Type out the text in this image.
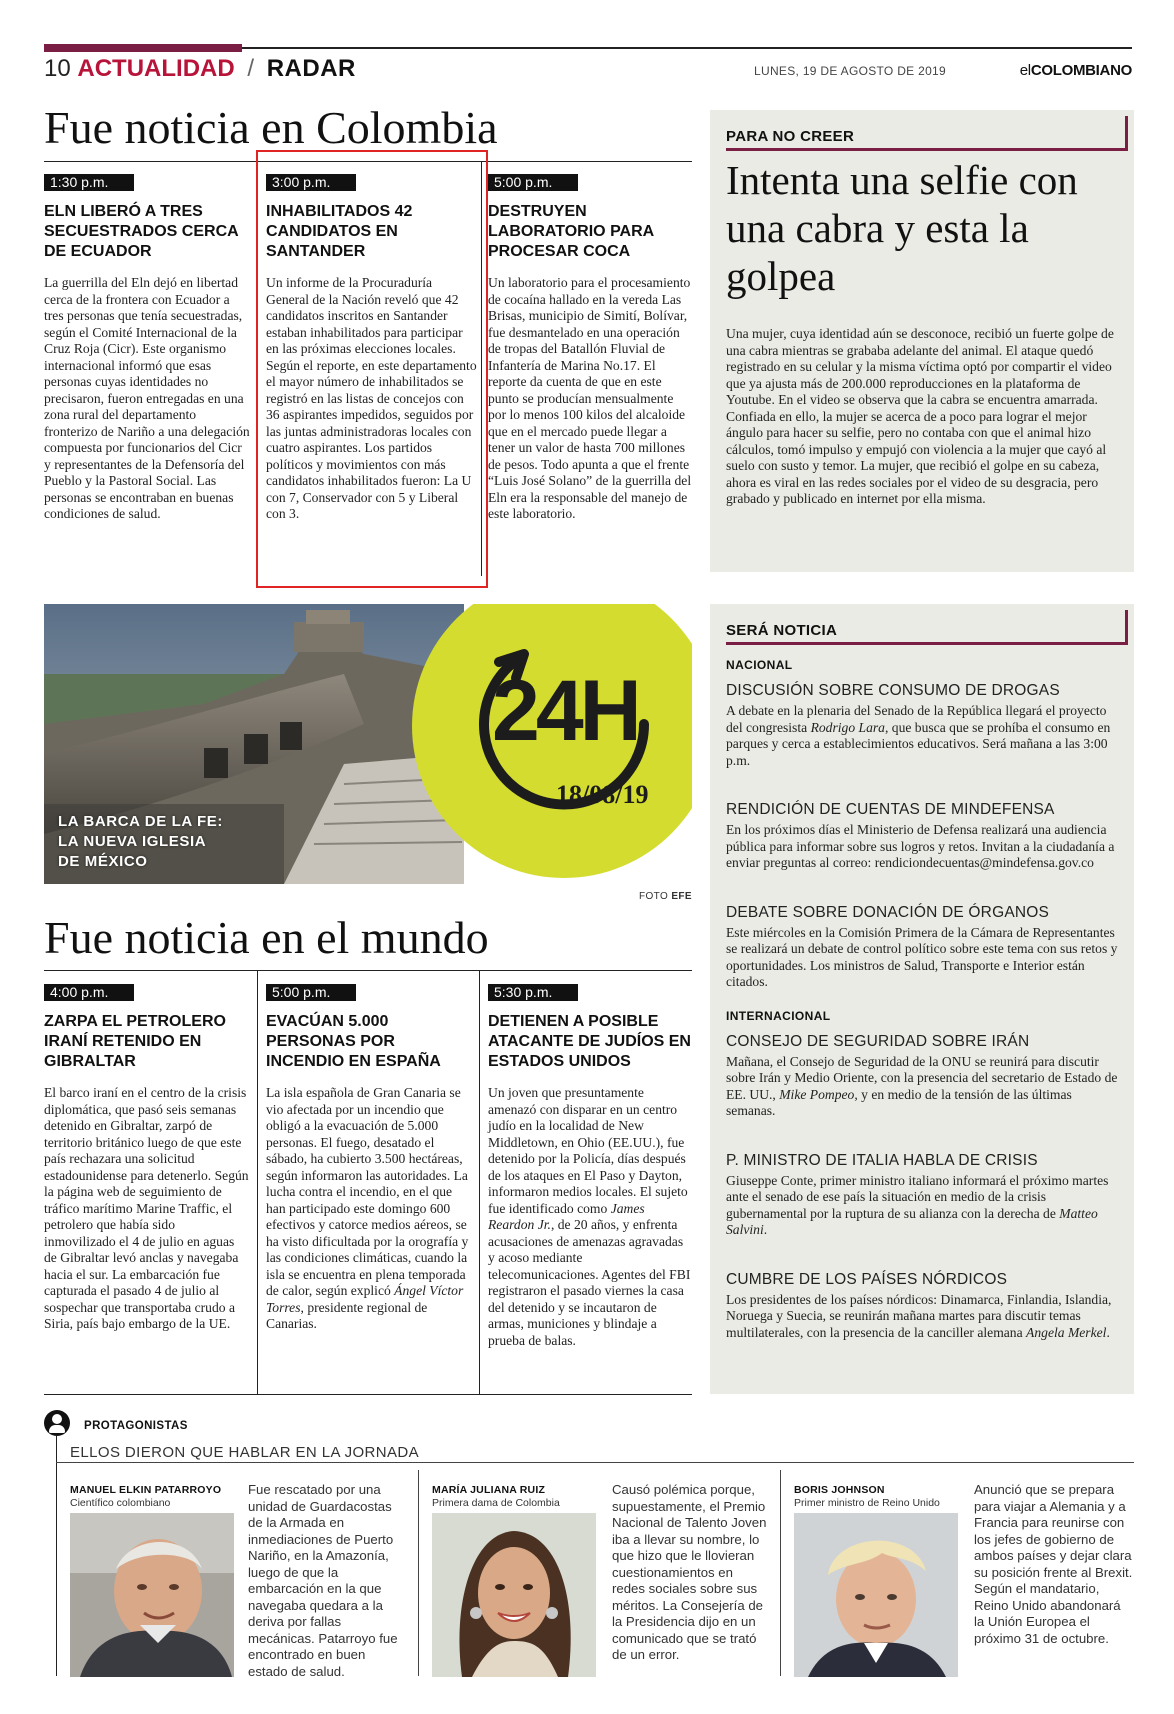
10 ACTUALIDAD / RADAR	LUNES, 19 DE AGOSTO DE 2019	elCOLOMBIANO
Fue noticia en Colombia
1:30 p.m.
ELN LIBERÓ A TRES SECUESTRADOS CERCA DE ECUADOR
La guerrilla del Eln dejó en libertad cerca de la frontera con Ecuador a tres personas que tenía secuestradas, según el Comité Internacional de la Cruz Roja (Cicr). Este organismo internacional informó que esas personas cuyas identidades no precisaron, fueron entregadas en una zona rural del departamento fronterizo de Nariño a una delegación compuesta por funcionarios del Cicr y representantes de la Defensoría del Pueblo y la Pastoral Social. Las personas se encontraban en buenas condiciones de salud.
3:00 p.m.
INHABILITADOS 42 CANDIDATOS EN SANTANDER
Un informe de la Procuraduría General de la Nación reveló que 42 candidatos inscritos en Santander estaban inhabilitados para participar en las próximas elecciones locales. Según el reporte, en este departamento el mayor número de inhabilitados se registró en las listas de concejos con 36 aspirantes impedidos, seguidos por las juntas administradoras locales con cuatro aspirantes. Los partidos políticos y movimientos con más candidatos inhabilitados fueron: La U con 7, Conservador con 5 y Liberal con 3.
5:00 p.m.
DESTRUYEN LABORATORIO PARA PROCESAR COCA
Un laboratorio para el procesamiento de cocaína hallado en la vereda Las Brisas, municipio de Simití, Bolívar, fue desmantelado en una operación de tropas del Batallón Fluvial de Infantería de Marina No.17. El reporte da cuenta de que en este punto se producían mensualmente por lo menos 100 kilos del alcaloide que en el mercado puede llegar a tener un valor de hasta 700 millones de pesos. Todo apunta a que el frente “Luis José Solano” de la guerrilla del Eln era la responsable del manejo de este laboratorio.
PARA NO CREER
Intenta una selfie con una cabra y esta la golpea
Una mujer, cuya identidad aún se desconoce, recibió un fuerte golpe de una cabra mientras se grababa adelante del animal. El ataque quedó registrado en su celular y la misma víctima optó por compartir el video que ya ajusta más de 200.000 reproducciones en la plataforma de Youtube. En el video se observa que la cabra se encuentra amarrada. Confiada en ello, la mujer se acerca de a poco para lograr el mejor ángulo para hacer su selfie, pero no contaba con que el animal hizo cálculos, tomó impulso y empujó con violencia a la mujer que cayó al suelo con susto y temor. La mujer, que recibió el golpe en su cabeza, ahora es viral en las redes sociales por el video de su desgracia, pero grabado y publicado en internet por ella misma.
24H
18/08/19
LA BARCA DE LA FE:
LA NUEVA IGLESIA
DE MÉXICO
FOTO EFE
SERÁ NOTICIA
NACIONAL
DISCUSIÓN SOBRE CONSUMO DE DROGAS
A debate en la plenaria del Senado de la República llegará el proyecto del congresista Rodrigo Lara, que busca que se prohíba el consumo en parques y cerca a establecimientos educativos. Será mañana a las 3:00 p.m.
RENDICIÓN DE CUENTAS DE MINDEFENSA
En los próximos días el Ministerio de Defensa realizará una audiencia pública para informar sobre sus logros y retos. Invitan a la ciudadanía a enviar preguntas al correo: rendiciondecuentas@mindefensa.gov.co
DEBATE SOBRE DONACIÓN DE ÓRGANOS
Este miércoles en la Comisión Primera de la Cámara de Representantes se realizará un debate de control político sobre este tema con sus retos y oportunidades. Los ministros de Salud, Transporte e Interior están citados.
INTERNACIONAL
CONSEJO DE SEGURIDAD SOBRE IRÁN
Mañana, el Consejo de Seguridad de la ONU se reunirá para discutir sobre Irán y Medio Oriente, con la presencia del secretario de Estado de EE. UU., Mike Pompeo, y en medio de la tensión de las últimas semanas.
P. MINISTRO DE ITALIA HABLA DE CRISIS
Giuseppe Conte, primer ministro italiano informará el próximo martes ante el senado de ese país la situación en medio de la crisis gubernamental por la ruptura de su alianza con la derecha de Matteo Salvini.
CUMBRE DE LOS PAÍSES NÓRDICOS
Los presidentes de los países nórdicos: Dinamarca, Finlandia, Islandia, Noruega y Suecia, se reunirán mañana martes para discutir temas multilaterales, con la presencia de la canciller alemana Angela Merkel.
Fue noticia en el mundo
4:00 p.m.
ZARPA EL PETROLERO IRANÍ RETENIDO EN GIBRALTAR
El barco iraní en el centro de la crisis diplomática, que pasó seis semanas detenido en Gibraltar, zarpó de territorio británico luego de que este país rechazara una solicitud estadounidense para detenerlo. Según la página web de seguimiento de tráfico marítimo Marine Traffic, el petrolero que había sido inmovilizado el 4 de julio en aguas de Gibraltar levó anclas y navegaba hacia el sur. La embarcación fue capturada el pasado 4 de julio al sospechar que transportaba crudo a Siria, país bajo embargo de la UE.
5:00 p.m.
EVACÚAN 5.000 PERSONAS POR INCENDIO EN ESPAÑA
La isla española de Gran Canaria se vio afectada por un incendio que obligó a la evacuación de 5.000 personas. El fuego, desatado el sábado, ha cubierto 3.500 hectáreas, según informaron las autoridades. La lucha contra el incendio, en el que han participado este domingo 600 efectivos y catorce medios aéreos, se ha visto dificultada por la orografía y las condiciones climáticas, cuando la isla se encuentra en plena temporada de calor, según explicó Ángel Víctor Torres, presidente regional de Canarias.
5:30 p.m.
DETIENEN A POSIBLE ATACANTE DE JUDÍOS EN ESTADOS UNIDOS
Un joven que presuntamente amenazó con disparar en un centro judío en la localidad de New Middletown, en Ohio (EE.UU.), fue detenido por la Policía, días después de los ataques en El Paso y Dayton, informaron medios locales. El sujeto fue identificado como James Reardon Jr., de 20 años, y enfrenta acusaciones de amenazas agravadas y acoso mediante telecomunicaciones. Agentes del FBI registraron el pasado viernes la casa del detenido y se incautaron de armas, municiones y blindaje a prueba de balas.
PROTAGONISTAS
ELLOS DIERON QUE HABLAR EN LA JORNADA
MANUEL ELKIN PATARROYO
Científico colombiano
Fue rescatado por una unidad de Guardacostas de la Armada en inmediaciones de Puerto Nariño, en la Amazonía, luego de que la embarcación en la que navegaba quedara a la deriva por fallas mecánicas. Patarroyo fue encontrado en buen estado de salud.
MARÍA JULIANA RUIZ
Primera dama de Colombia
Causó polémica porque, supuestamente, el Premio Nacional de Talento Joven iba a llevar su nombre, lo que hizo que le llovieran cuestionamientos en redes sociales sobre sus méritos. La Consejería de la Presidencia dijo en un comunicado que se trató de un error.
BORIS JOHNSON
Primer ministro de Reino Unido
Anunció que se prepara para viajar a Alemania y a Francia para reunirse con los jefes de gobierno de ambos países y dejar clara su posición frente al Brexit. Según el mandatario, Reino Unido abandonará la Unión Europea el próximo 31 de octubre.
